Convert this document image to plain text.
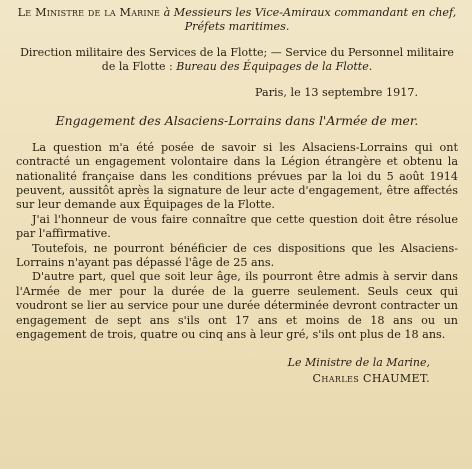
Le Ministre de la Marine à Messieurs les Vice-Amiraux commandant en chef, Préfets maritimes.

Direction militaire des Services de la Flotte; — Service du Personnel militaire de la Flotte : Bureau des Équipages de la Flotte.

Paris, le 13 septembre 1917.

Engagement des Alsaciens-Lorrains dans l'Armée de mer.

La question m'a été posée de savoir si les Alsaciens-Lorrains qui ont contracté un engagement volontaire dans la Légion étrangère et obtenu la nationalité française dans les conditions prévues par la loi du 5 août 1914 peuvent, aussitôt après la signature de leur acte d'engagement, être affectés sur leur demande aux Équipages de la Flotte.

J'ai l'honneur de vous faire connaître que cette question doit être résolue par l'affirmative.

Toutefois, ne pourront bénéficier de ces dispositions que les Alsaciens-Lorrains n'ayant pas dépassé l'âge de 25 ans.

D'autre part, quel que soit leur âge, ils pourront être admis à servir dans l'Armée de mer pour la durée de la guerre seulement. Seuls ceux qui voudront se lier au service pour une durée déterminée devront contracter un engagement de sept ans s'ils ont 17 ans et moins de 18 ans ou un engagement de trois, quatre ou cinq ans à leur gré, s'ils ont plus de 18 ans.

Le Ministre de la Marine,
Charles CHAUMET.
